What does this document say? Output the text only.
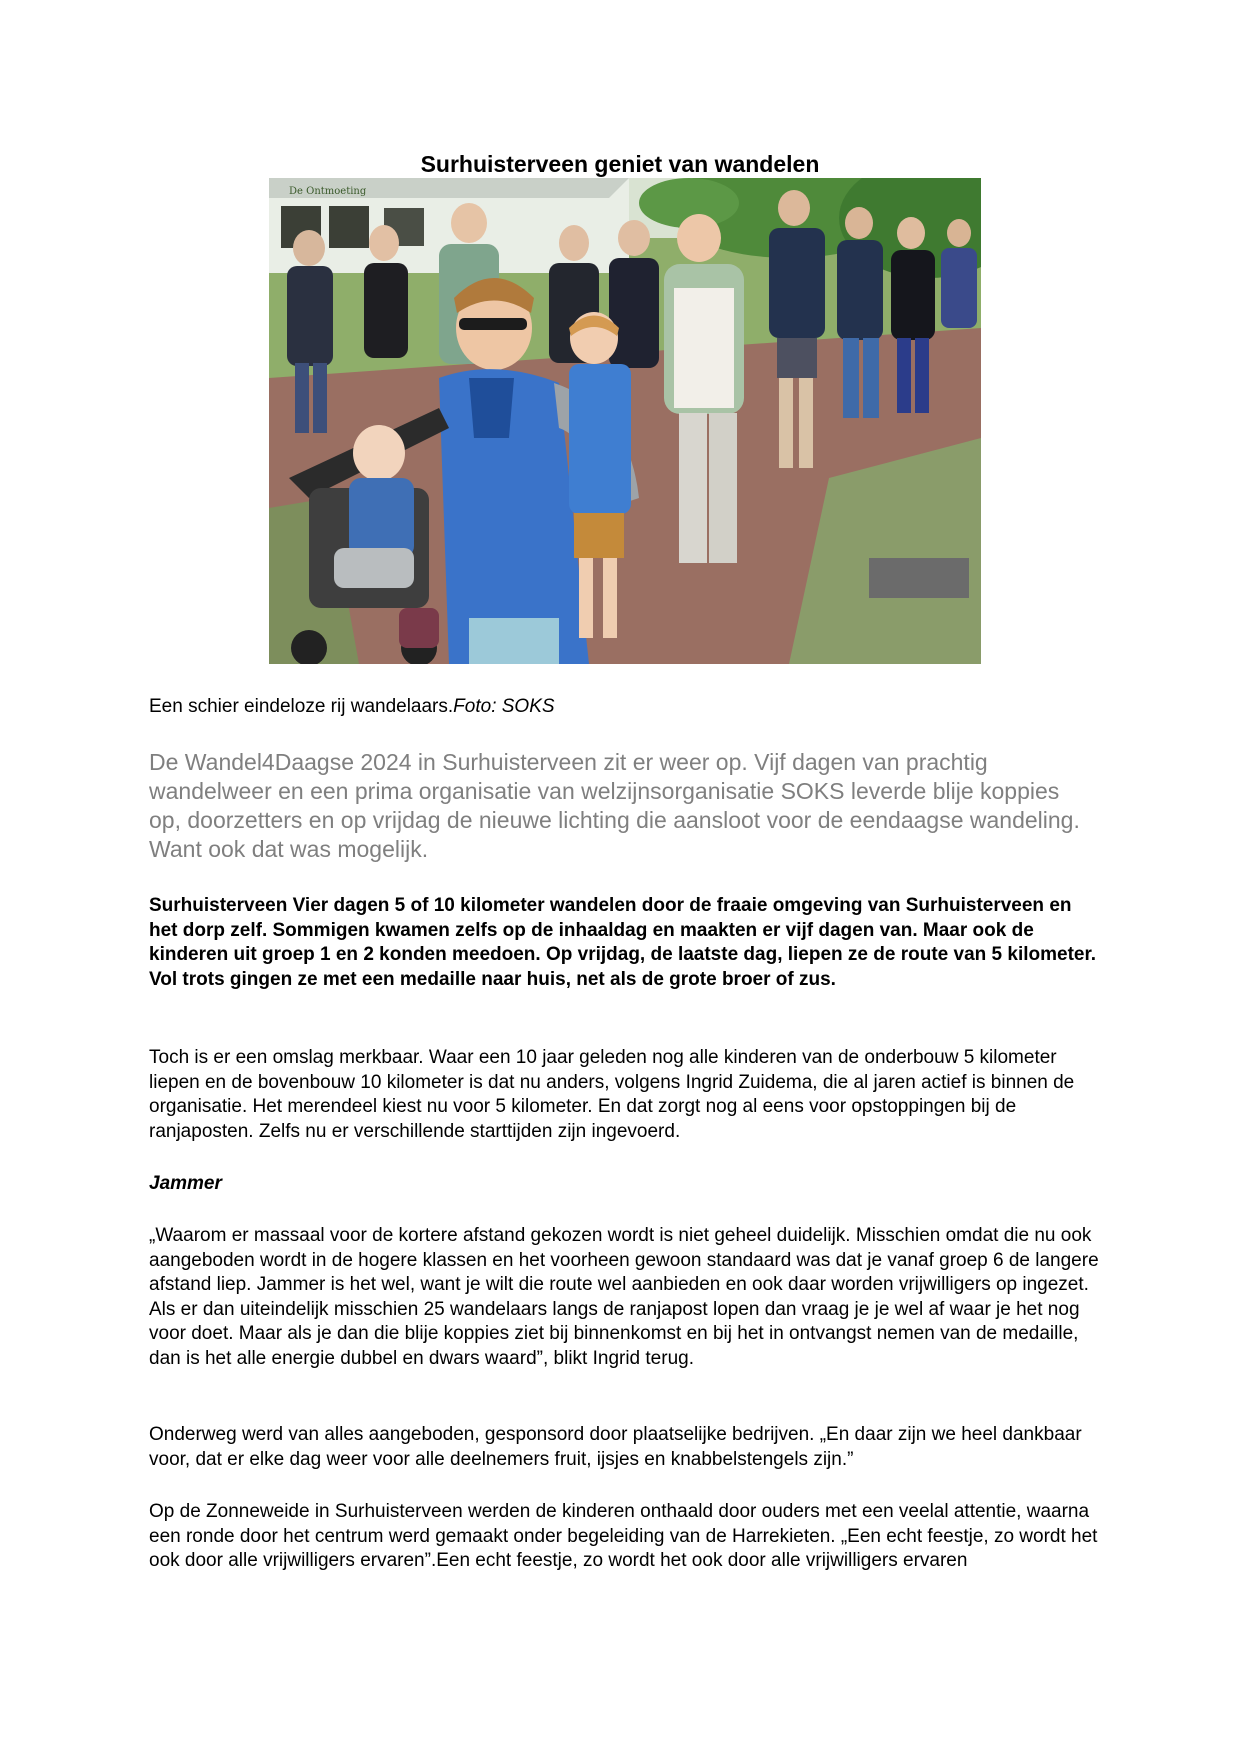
Surhuisterveen geniet van wandelen
De Ontmoeting

Een schier eindeloze rij wandelaars.Foto: SOKS

De Wandel4Daagse 2024 in Surhuisterveen zit er weer op. Vijf dagen van prachtig wandelweer en een prima organisatie van welzijnsorganisatie SOKS leverde blije koppies op, doorzetters en op vrijdag de nieuwe lichting die aansloot voor de eendaagse wandeling. Want ook dat was mogelijk.

Surhuisterveen Vier dagen 5 of 10 kilometer wandelen door de fraaie omgeving van Surhuisterveen en het dorp zelf. Sommigen kwamen zelfs op de inhaaldag en maakten er vijf dagen van. Maar ook de kinderen uit groep 1 en 2 konden meedoen. Op vrijdag, de laatste dag, liepen ze de route van 5 kilometer. Vol trots gingen ze met een medaille naar huis, net als de grote broer of zus.

Toch is er een omslag merkbaar. Waar een 10 jaar geleden nog alle kinderen van de onderbouw 5 kilometer liepen en de bovenbouw 10 kilometer is dat nu anders, volgens Ingrid Zuidema, die al jaren actief is binnen de organisatie. Het merendeel kiest nu voor 5 kilometer. En dat zorgt nog al eens voor opstoppingen bij de ranjaposten. Zelfs nu er verschillende starttijden zijn ingevoerd.

Jammer

„Waarom er massaal voor de kortere afstand gekozen wordt is niet geheel duidelijk. Misschien omdat die nu ook aangeboden wordt in de hogere klassen en het voorheen gewoon standaard was dat je vanaf groep 6 de langere afstand liep. Jammer is het wel, want je wilt die route wel aanbieden en ook daar worden vrijwilligers op ingezet. Als er dan uiteindelijk misschien 25 wandelaars langs de ranjapost lopen dan vraag je je wel af waar je het nog voor doet. Maar als je dan die blije koppies ziet bij binnenkomst en bij het in ontvangst nemen van de medaille, dan is het alle energie dubbel en dwars waard”, blikt Ingrid terug.

Onderweg werd van alles aangeboden, gesponsord door plaatselijke bedrijven. „En daar zijn we heel dankbaar voor, dat er elke dag weer voor alle deelnemers fruit, ijsjes en knabbelstengels zijn.”

Op de Zonneweide in Surhuisterveen werden de kinderen onthaald door ouders met een veelal attentie, waarna een ronde door het centrum werd gemaakt onder begeleiding van de Harrekieten. „Een echt feestje, zo wordt het ook door alle vrijwilligers ervaren”.Een echt feestje, zo wordt het ook door alle vrijwilligers ervaren
